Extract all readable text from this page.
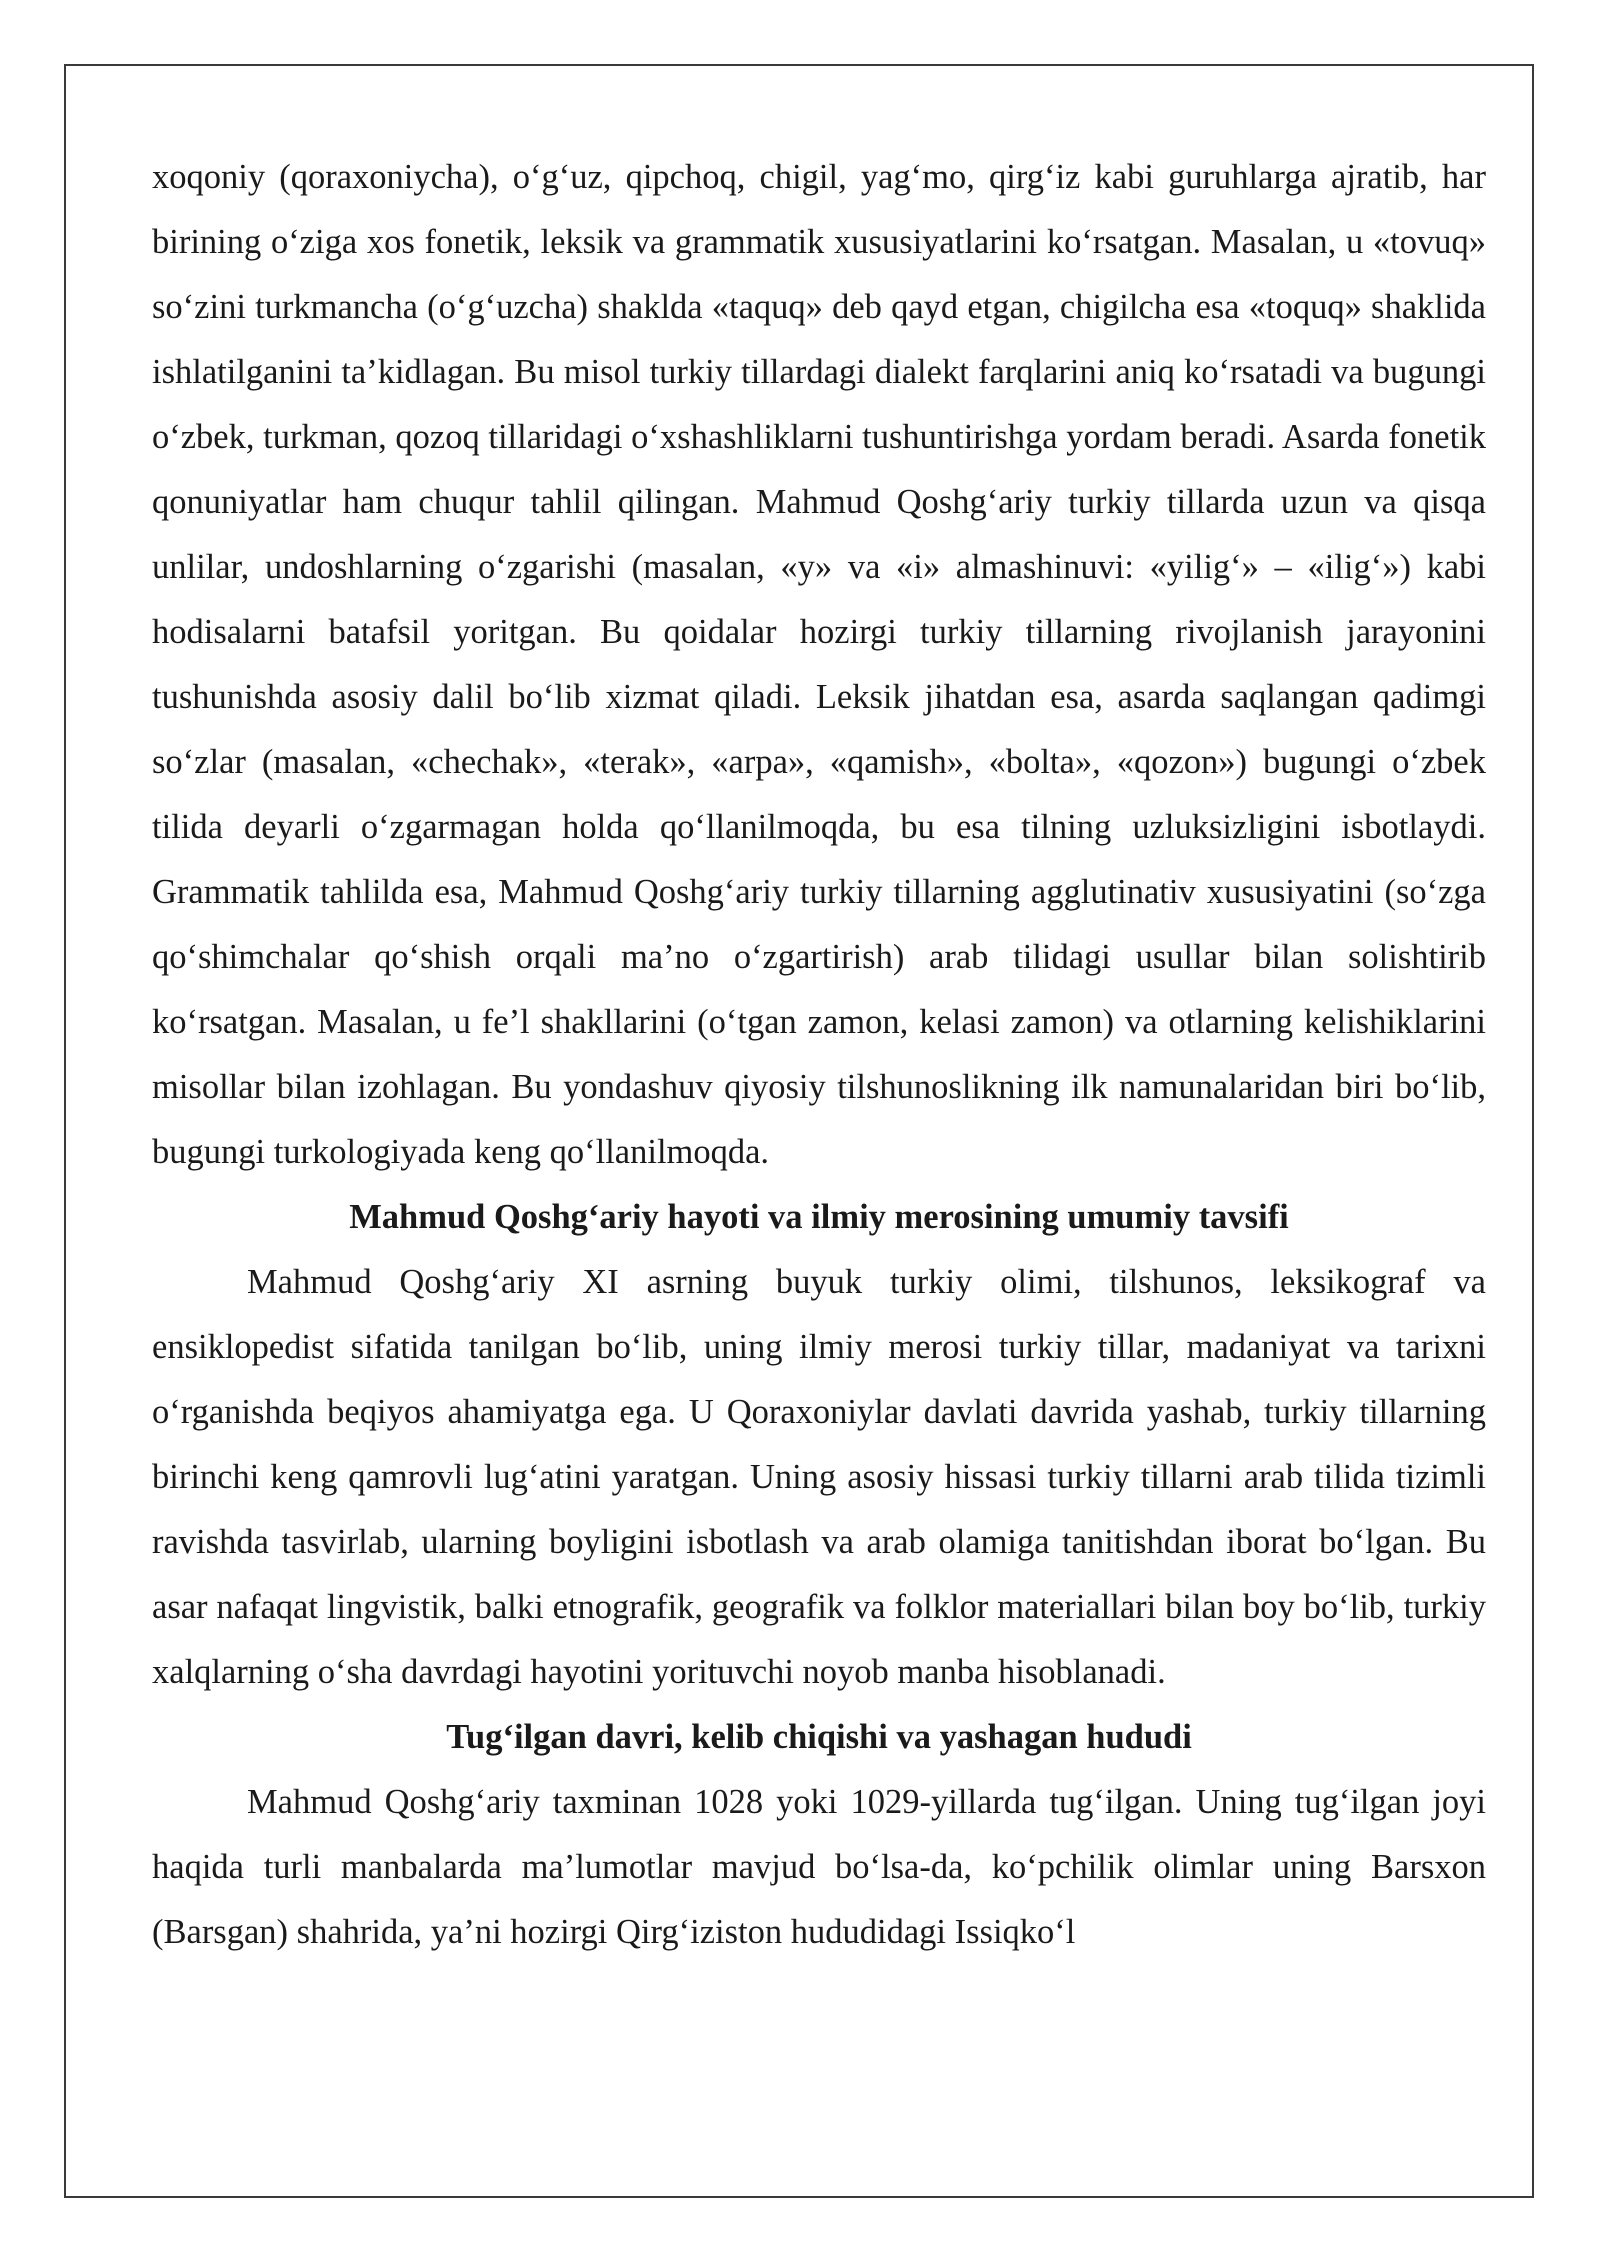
xoqoniy (qoraxoniycha), o‘g‘uz, qipchoq, chigil, yag‘mo, qirg‘iz kabi guruhlarga ajratib, har birining o‘ziga xos fonetik, leksik va grammatik xususiyatlarini ko‘rsatgan. Masalan, u «tovuq» so‘zini turkmancha (o‘g‘uzcha) shaklda «taquq» deb qayd etgan, chigilcha esa «toquq» shaklida ishlatilganini ta’kidlagan. Bu misol turkiy tillardagi dialekt farqlarini aniq ko‘rsatadi va bugungi o‘zbek, turkman, qozoq tillaridagi o‘xshashliklarni tushuntirishga yordam beradi. Asarda fonetik qonuniyatlar ham chuqur tahlil qilingan. Mahmud Qoshg‘ariy turkiy tillarda uzun va qisqa unlilar, undoshlarning o‘zgarishi (masalan, «y» va «i» almashinuvi: «yilig‘» – «ilig‘») kabi hodisalarni batafsil yoritgan. Bu qoidalar hozirgi turkiy tillarning rivojlanish jarayonini tushunishda asosiy dalil bo‘lib xizmat qiladi. Leksik jihatdan esa, asarda saqlangan qadimgi so‘zlar (masalan, «chechak», «terak», «arpa», «qamish», «bolta», «qozon») bugungi o‘zbek tilida deyarli o‘zgarmagan holda qo‘llanilmoqda, bu esa tilning uzluksizligini isbotlaydi. Grammatik tahlilda esa, Mahmud Qoshg‘ariy turkiy tillarning agglutinativ xususiyatini (so‘zga qo‘shimchalar qo‘shish orqali ma’no o‘zgartirish) arab tilidagi usullar bilan solishtirib ko‘rsatgan. Masalan, u fe’l shakllarini (o‘tgan zamon, kelasi zamon) va otlarning kelishiklarini misollar bilan izohlagan. Bu yondashuv qiyosiy tilshunoslikning ilk namunalaridan biri bo‘lib, bugungi turkologiyada keng qo‘llanilmoqda.

Mahmud Qoshg‘ariy hayoti va ilmiy merosining umumiy tavsifi

Mahmud Qoshg‘ariy XI asrning buyuk turkiy olimi, tilshunos, leksikograf va ensiklopedist sifatida tanilgan bo‘lib, uning ilmiy merosi turkiy tillar, madaniyat va tarixni o‘rganishda beqiyos ahamiyatga ega. U Qoraxoniylar davlati davrida yashab, turkiy tillarning birinchi keng qamrovli lug‘atini yaratgan. Uning asosiy hissasi turkiy tillarni arab tilida tizimli ravishda tasvirlab, ularning boyligini isbotlash va arab olamiga tanitishdan iborat bo‘lgan. Bu asar nafaqat lingvistik, balki etnografik, geografik va folklor materiallari bilan boy bo‘lib, turkiy xalqlarning o‘sha davrdagi hayotini yorituvchi noyob manba hisoblanadi.

Tug‘ilgan davri, kelib chiqishi va yashagan hududi

Mahmud Qoshg‘ariy taxminan 1028 yoki 1029-yillarda tug‘ilgan. Uning tug‘ilgan joyi haqida turli manbalarda ma’lumotlar mavjud bo‘lsa-da, ko‘pchilik olimlar uning Barsxon (Barsgan) shahrida, ya’ni hozirgi Qirg‘iziston hududidagi Issiqko‘l
